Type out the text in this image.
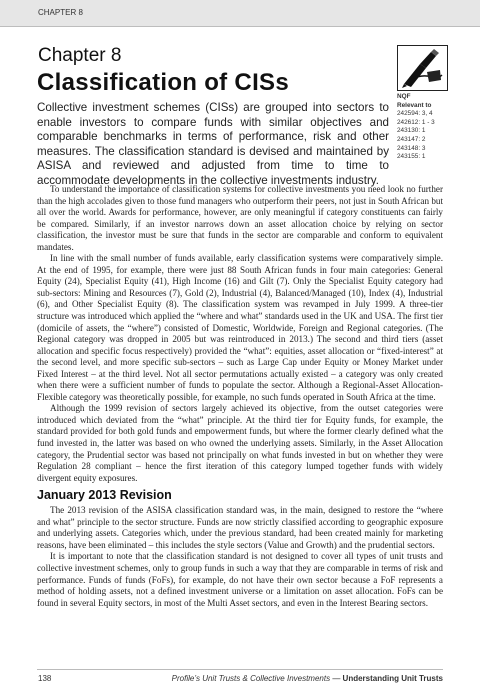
CHAPTER 8
Chapter 8
Classification of CISs
NQF
Relevant to
242594: 3, 4
242612: 1 - 3
243130: 1
243147: 2
243148: 3
243155: 1
Collective investment schemes (CISs) are grouped into sectors to enable investors to compare funds with similar objectives and comparable benchmarks in terms of performance, risk and other measures. The classification standard is devised and maintained by ASISA and reviewed and adjusted from time to time to accommodate developments in the collective investments industry.

To understand the importance of classification systems for collective investments you need look no further than the high accolades given to those fund managers who outperform their peers, not just in South African but all over the world. Awards for performance, however, are only meaningful if category constituents can fairly be compared. Similarly, if an investor narrows down an asset allocation choice by relying on sector classification, the investor must be sure that funds in the sector are comparable and conform to equivalent mandates.

In line with the small number of funds available, early classification systems were comparatively simple. At the end of 1995, for example, there were just 88 South African funds in four main categories: General Equity (24), Specialist Equity (41), High Income (16) and Gilt (7). Only the Specialist Equity category had sub-sectors: Mining and Resources (7), Gold (2), Industrial (4), Balanced/Managed (10), Index (4), Industrial (6), and Other Specialist Equity (8). The classification system was revamped in July 1999. A three-tier structure was introduced which applied the “where and what” standards used in the UK and USA. The first tier (domicile of assets, the “where”) consisted of Domestic, Worldwide, Foreign and Regional categories. (The Regional category was dropped in 2005 but was reintroduced in 2013.) The second and third tiers (asset allocation and specific focus respectively) provided the “what”: equities, asset allocation or “fixed-interest” at the second level, and more specific sub-sectors – such as Large Cap under Equity or Money Market under Fixed Interest – at the third level. Not all sector permutations actually existed – a category was only created when there were a sufficient number of funds to populate the sector. Although a Regional-Asset Allocation-Flexible category was theoretically possible, for example, no such funds operated in South Africa at the time.

Although the 1999 revision of sectors largely achieved its objective, from the outset categories were introduced which deviated from the “what” principle. At the third tier for Equity funds, for example, the standard provided for both gold funds and empowerment funds, but where the former clearly defined what the fund invested in, the latter was based on who owned the underlying assets. Similarly, in the Asset Allocation category, the Prudential sector was based not principally on what funds invested in but on whether they were Regulation 28 compliant – hence the first iteration of this category lumped together funds with widely divergent equity exposures.

January 2013 Revision

The 2013 revision of the ASISA classification standard was, in the main, designed to restore the “where and what” principle to the sector structure. Funds are now strictly classified according to geographic exposure and underlying assets. Categories which, under the previous standard, had been created mainly for marketing reasons, have been eliminated – this includes the style sectors (Value and Growth) and the prudential sectors.

It is important to note that the classification standard is not designed to cover all types of unit trusts and collective investment schemes, only to group funds in such a way that they are comparable in terms of risk and performance. Funds of funds (FoFs), for example, do not have their own sector because a FoF represents a method of holding assets, not a defined investment universe or a limitation on asset allocation. FoFs can be found in several Equity sectors, in most of the Multi Asset sectors, and even in the Interest Bearing sectors.

138	Profile’s Unit Trusts & Collective Investments — Understanding Unit Trusts
